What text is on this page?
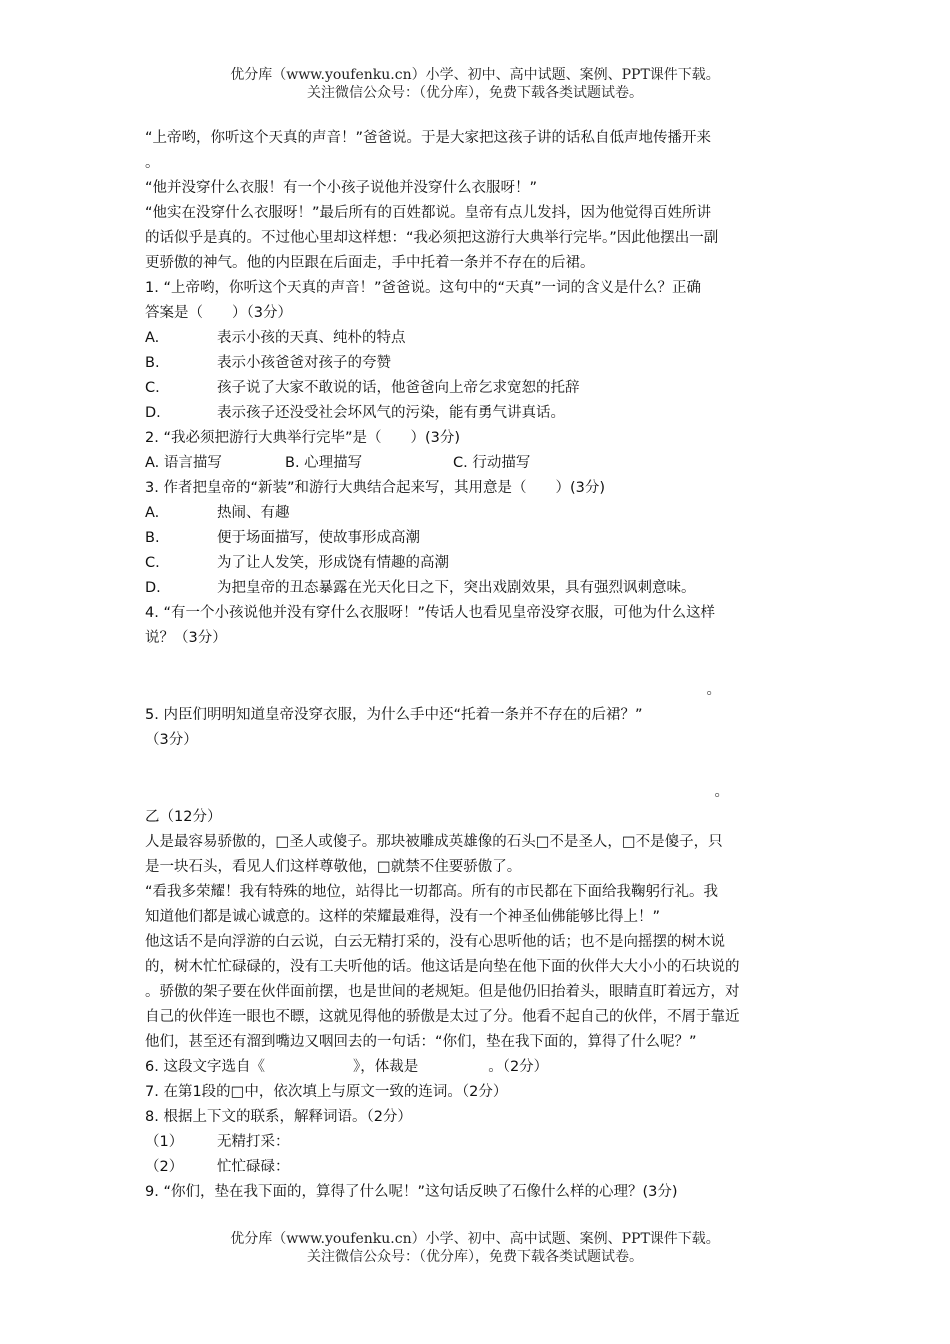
优分库（www.youfenku.cn）小学、初中、高中试题、案例、PPT课件下载。
关注微信公众号：（优分库），免费下载各类试题试卷。
“上帝哟，你听这个天真的声音！”爸爸说。于是大家把这孩子讲的话私自低声地传播开来
。
“他并没穿什么衣服！有一个小孩子说他并没穿什么衣服呀！”
“他实在没穿什么衣服呀！”最后所有的百姓都说。皇帝有点儿发抖，因为他觉得百姓所讲
的话似乎是真的。不过他心里却这样想：“我必须把这游行大典举行完毕。”因此他摆出一副
更骄傲的神气。他的内臣跟在后面走，手中托着一条并不存在的后裙。
1. “上帝哟，你听这个天真的声音！”爸爸说。这句中的“天真”一词的含义是什么？正确
答案是（　　）（3分）
A.	表示小孩的天真、纯朴的特点
B.	表示小孩爸爸对孩子的夸赞
C.	孩子说了大家不敢说的话，他爸爸向上帝乞求宽恕的托辞
D.	表示孩子还没受社会坏风气的污染，能有勇气讲真话。
2. “我必须把游行大典举行完毕”是（　　）(3分)
A. 语言描写	B. 心理描写	C. 行动描写
3. 作者把皇帝的“新装”和游行大典结合起来写，其用意是（　　）(3分)
A.	热闹、有趣
B.	便于场面描写，使故事形成高潮
C.	为了让人发笑，形成饶有情趣的高潮
D.	为把皇帝的丑态暴露在光天化日之下，突出戏剧效果，具有强烈讽刺意味。
4. “有一个小孩说他并没有穿什么衣服呀！”传话人也看见皇帝没穿衣服，可他为什么这样
说？（3分）
。
5. 内臣们明明知道皇帝没穿衣服，为什么手中还“托着一条并不存在的后裙？”
（3分）
。
乙（12分）
人是最容易骄傲的，□圣人或傻子。那块被雕成英雄像的石头□不是圣人，□不是傻子，只
是一块石头，看见人们这样尊敬他，□就禁不住要骄傲了。
“看我多荣耀！我有特殊的地位，站得比一切都高。所有的市民都在下面给我鞠躬行礼。我
知道他们都是诚心诚意的。这样的荣耀最难得，没有一个神圣仙佛能够比得上！”
他这话不是向浮游的白云说，白云无精打采的，没有心思听他的话；也不是向摇摆的树木说
的，树木忙忙碌碌的，没有工夫听他的话。他这话是向垫在他下面的伙伴大大小小的石块说的
。骄傲的架子要在伙伴面前摆，也是世间的老规矩。但是他仍旧抬着头，眼睛直盯着远方，对
自己的伙伴连一眼也不瞟，这就见得他的骄傲是太过了分。他看不起自己的伙伴，不屑于靠近
他们，甚至还有溜到嘴边又咽回去的一句话：“你们，垫在我下面的，算得了什么呢？”
6. 这段文字选自《	》，体裁是	。（2分）
7. 在第1段的□中，依次填上与原文一致的连词。（2分）
8. 根据上下文的联系，解释词语。（2分）
（1） 无精打采：
（2） 忙忙碌碌：
9. “你们，垫在我下面的，算得了什么呢！”这句话反映了石像什么样的心理？(3分)
优分库（www.youfenku.cn）小学、初中、高中试题、案例、PPT课件下载。
关注微信公众号：（优分库），免费下载各类试题试卷。
